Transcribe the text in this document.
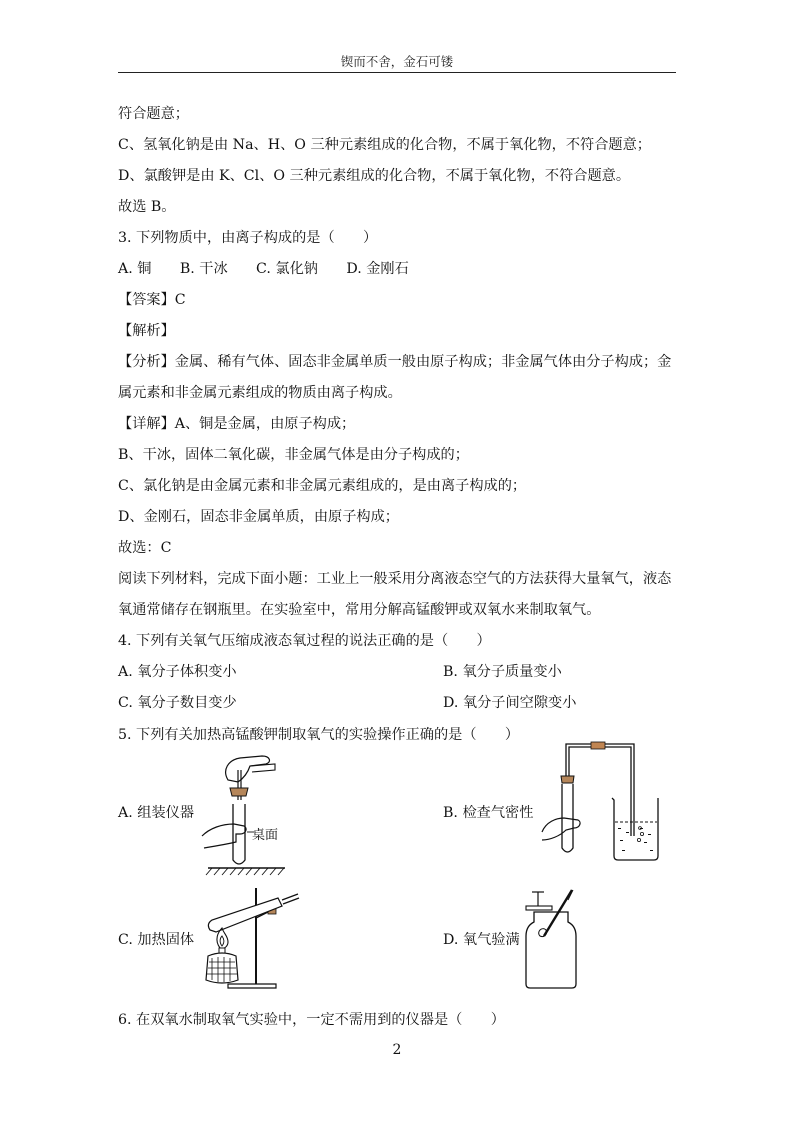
锲而不舍，金石可镂
符合题意；
C、氢氧化钠是由 Na、H、O 三种元素组成的化合物，不属于氧化物，不符合题意；
D、氯酸钾是由 K、Cl、O 三种元素组成的化合物，不属于氧化物，不符合题意。
故选 B。
3. 下列物质中，由离子构成的是（　　）
A. 铜　　B. 干冰　　C. 氯化钠　　D. 金刚石
【答案】C
【解析】
【分析】金属、稀有气体、固态非金属单质一般由原子构成；非金属气体由分子构成；金
属元素和非金属元素组成的物质由离子构成。
【详解】A、铜是金属，由原子构成；
B、干冰，固体二氧化碳，非金属气体是由分子构成的；
C、氯化钠是由金属元素和非金属元素组成的，是由离子构成的；
D、金刚石，固态非金属单质，由原子构成；
故选：C
阅读下列材料，完成下面小题：工业上一般采用分离液态空气的方法获得大量氧气，液态
氧通常储存在钢瓶里。在实验室中，常用分解高锰酸钾或双氧水来制取氧气。
4. 下列有关氧气压缩成液态氧过程的说法正确的是（　　）
A. 氧分子体积变小	B. 氧分子质量变小
C. 氧分子数目变少	D. 氧分子间空隙变小
5. 下列有关加热高锰酸钾制取氧气的实验操作正确的是（　　）
A. 组装仪器
桌面
B. 检查气密性
C. 加热固体	D. 氧气验满
6. 在双氧水制取氧气实验中，一定不需用到的仪器是（　　）
2
